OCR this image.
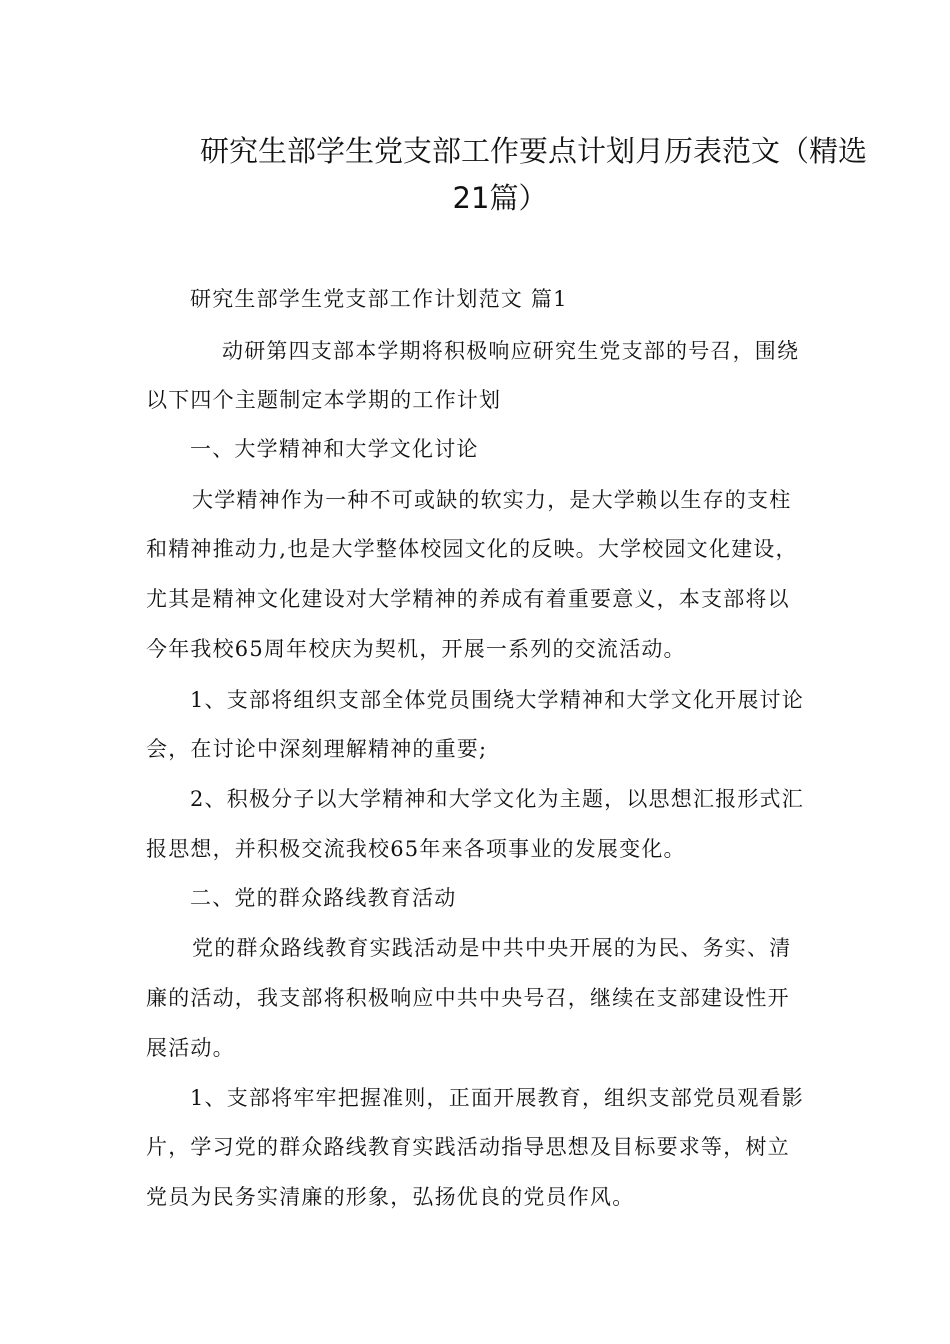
研究生部学生党支部工作要点计划月历表范文（精选
21篇）
研究生部学生党支部工作计划范文 篇1
动研第四支部本学期将积极响应研究生党支部的号召，围绕
以下四个主题制定本学期的工作计划
一、大学精神和大学文化讨论
大学精神作为一种不可或缺的软实力，是大学赖以生存的支柱
和精神推动力,也是大学整体校园文化的反映。大学校园文化建设，
尤其是精神文化建设对大学精神的养成有着重要意义，本支部将以
今年我校65周年校庆为契机，开展一系列的交流活动。
1、支部将组织支部全体党员围绕大学精神和大学文化开展讨论
会，在讨论中深刻理解精神的重要;
2、积极分子以大学精神和大学文化为主题，以思想汇报形式汇
报思想，并积极交流我校65年来各项事业的发展变化。
二、党的群众路线教育活动
党的群众路线教育实践活动是中共中央开展的为民、务实、清
廉的活动，我支部将积极响应中共中央号召，继续在支部建设性开
展活动。
1、支部将牢牢把握准则，正面开展教育，组织支部党员观看影
片，学习党的群众路线教育实践活动指导思想及目标要求等，树立
党员为民务实清廉的形象，弘扬优良的党员作风。
